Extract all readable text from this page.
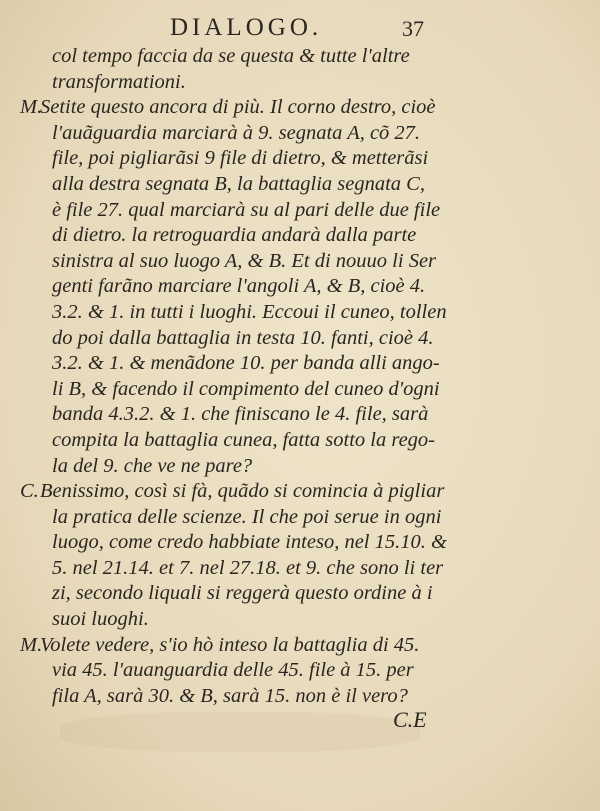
DIALOGO.	37
col tempo faccia da se questa & tutte l'altre
transformationi.
M.
Setite questo ancora di più. Il corno destro, cioè
l'auãguardia marciarà à 9. segnata A, cõ 27.
file, poi pigliarãsi 9 file di dietro, & metterãsi
alla destra segnata B, la battaglia segnata C,
è file 27. qual marciarà su al pari delle due file
di dietro. la retroguardia andarà dalla parte
sinistra al suo luogo A, & B. Et di nouuo li Ser
genti farãno marciare l'angoli A, & B, cioè 4.
3.2. & 1. in tutti i luoghi. Eccoui il cuneo, tollen
do poi dalla battaglia in testa 10. fanti, cioè 4.
3.2. & 1. & menãdone 10. per banda alli ango-
li B, & facendo il compimento del cuneo d'ogni
banda 4.3.2. & 1. che finiscano le 4. file, sarà
compita la battaglia cunea, fatta sotto la rego-
la del 9. che ve ne pare?
C. Benissimo, così si fà, quãdo si comincia à pigliar
la pratica delle scienze. Il che poi serue in ogni
luogo, come credo habbiate inteso, nel 15.10. &
5. nel 21.14. et 7. nel 27.18. et 9. che sono li ter
zi, secondo liquali si reggerà questo ordine à i
suoi luoghi.
M.
Volete vedere, s'io hò inteso la battaglia di 45.
via 45. l'auanguardia delle 45. file à 15. per
fila A, sarà 30. & B, sarà 15. non è il vero?
C.E
